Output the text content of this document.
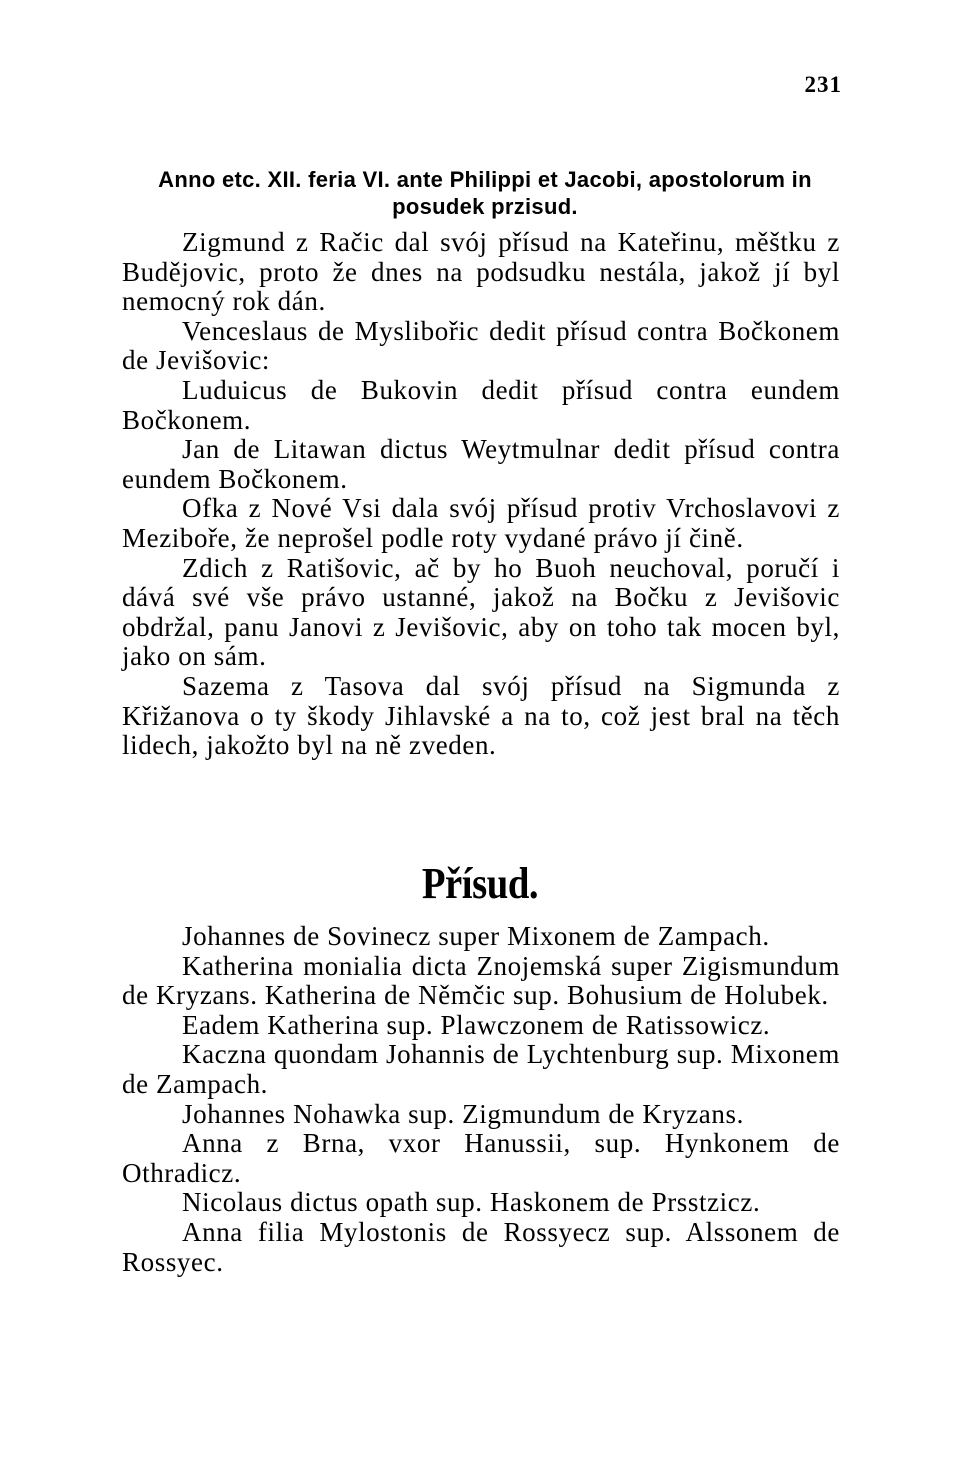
231
Anno etc. XII. feria VI. ante Philippi et Jacobi, apostolorum in posudek przisud.

Zigmund z Račic dal svój přísud na Kateřinu, měštku z Budějovic, proto že dnes na podsudku nestála, jakož jí byl nemocný rok dán.

Venceslaus de Myslibořic dedit přísud contra Bočkonem de Jevišovic:

Luduicus de Bukovin dedit přísud contra eundem Bočkonem.

Jan de Litawan dictus Weytmulnar dedit přísud contra eundem Bočkonem.

Ofka z Nové Vsi dala svój přísud protiv Vrchoslavovi z Meziboře, že neprošel podle roty vydané právo jí čině.

Zdich z Ratišovic, ač by ho Buoh neuchoval, poručí i dává své vše právo ustanné, jakož na Bočku z Jevišovic obdržal, panu Janovi z Jevišovic, aby on toho tak mocen byl, jako on sám.

Sazema z Tasova dal svój přísud na Sigmunda z Křižanova o ty škody Jihlavské a na to, což jest bral na těch lidech, jakožto byl na ně zveden.

Přísud.

Johannes de Sovinecz super Mixonem de Zampach.

Katherina monialia dicta Znojemská super Zigismundum de Kryzans. Katherina de Němčic sup. Bohusium de Holubek.

Eadem Katherina sup. Plawczonem de Ratissowicz.

Kaczna quondam Johannis de Lychtenburg sup. Mixonem de Zampach.

Johannes Nohawka sup. Zigmundum de Kryzans.

Anna z Brna, vxor Hanussii, sup. Hynkonem de Othradicz.

Nicolaus dictus opath sup. Haskonem de Prsstzicz.

Anna filia Mylostonis de Rossyecz sup. Alssonem de Rossyec.
